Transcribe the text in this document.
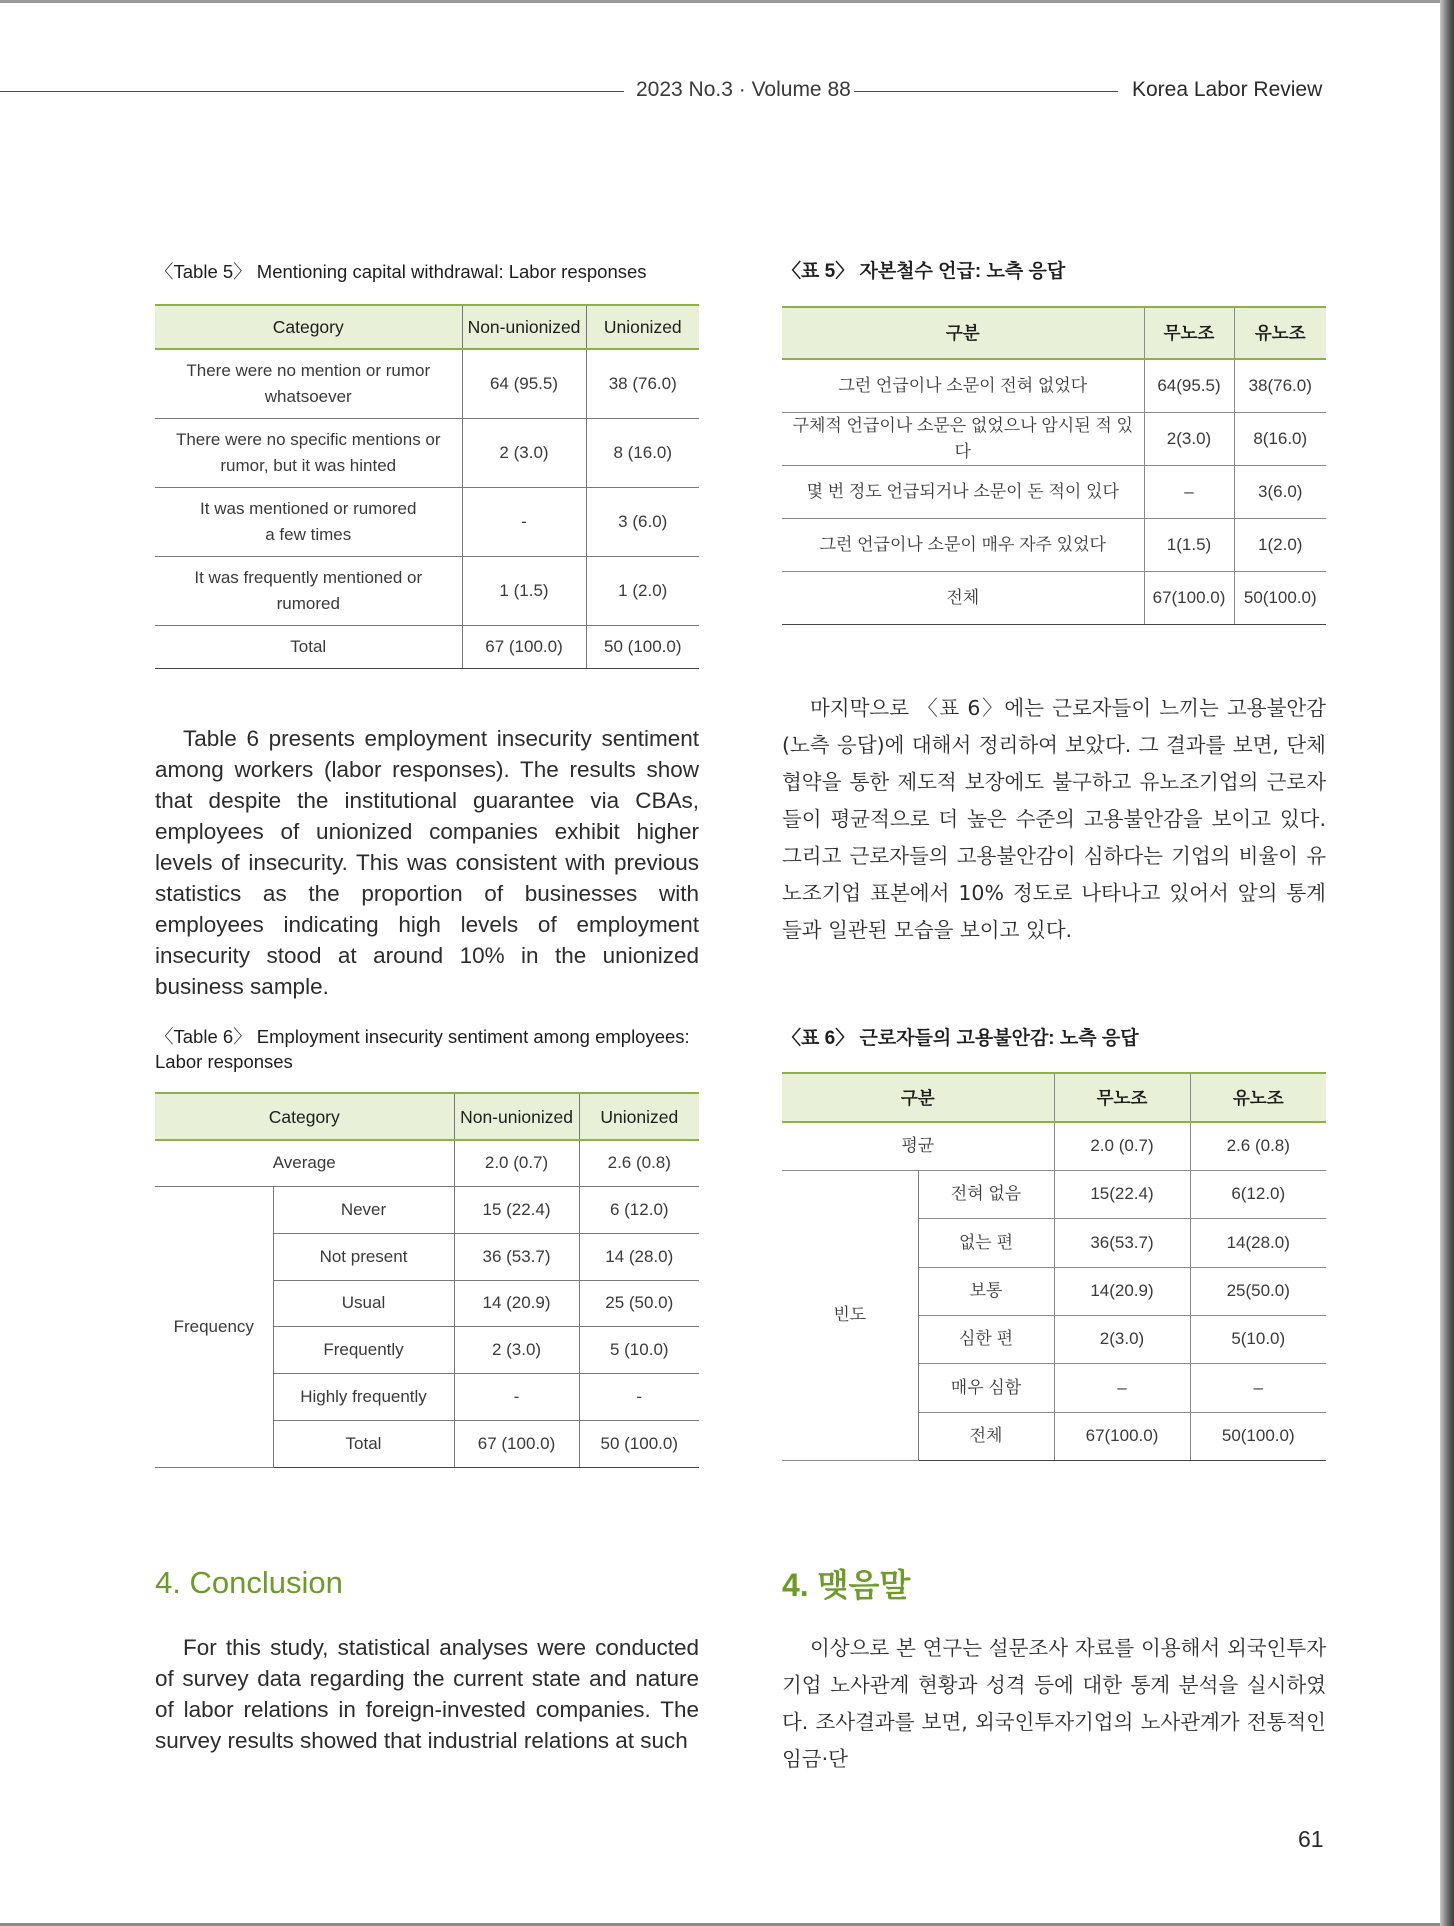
2023 No.3 · Volume 88	Korea Labor Review
〈Table 5〉 Mentioning capital withdrawal: Labor responses
Category	Non-unionized	Unionized
There were no mention or rumor
whatsoever	64 (95.5)	38 (76.0)
There were no specific mentions or
rumor, but it was hinted	2 (3.0)	8 (16.0)
It was mentioned or rumored
a few times	-	3 (6.0)
It was frequently mentioned or
rumored	1 (1.5)	1 (2.0)
Total	67 (100.0)	50 (100.0)
〈표 5〉 자본철수 언급: 노측 응답
구분	무노조	유노조
그런 언급이나 소문이 전혀 없었다	64(95.5)	38(76.0)
구체적 언급이나 소문은 없었으나 암시된 적 있다	2(3.0)	8(16.0)
몇 번 정도 언급되거나 소문이 돈 적이 있다	–	3(6.0)
그런 언급이나 소문이 매우 자주 있었다	1(1.5)	1(2.0)
전체	67(100.0)	50(100.0)
Table 6 presents employment insecurity sentiment among workers (labor responses). The results show that despite the institutional guarantee via CBAs, employees of unionized companies exhibit higher levels of insecurity. This was consistent with previous statistics as the proportion of businesses with employees indicating high levels of employment insecurity stood at around 10% in the unionized business sample.
마지막으로 〈표 6〉에는 근로자들이 느끼는 고용불안감(노측 응답)에 대해서 정리하여 보았다. 그 결과를 보면, 단체협약을 통한 제도적 보장에도 불구하고 유노조기업의 근로자들이 평균적으로 더 높은 수준의 고용불안감을 보이고 있다. 그리고 근로자들의 고용불안감이 심하다는 기업의 비율이 유노조기업 표본에서 10% 정도로 나타나고 있어서 앞의 통계들과 일관된 모습을 보이고 있다.
〈Table 6〉 Employment insecurity sentiment among employees:
Labor responses
Category		Non-unionized	Unionized
Average		2.0 (0.7)	2.6 (0.8)
Frequency	Never	15 (22.4)	6 (12.0)
	Not present	36 (53.7)	14 (28.0)
	Usual	14 (20.9)	25 (50.0)
	Frequently	2 (3.0)	5 (10.0)
	Highly frequently	-	-
	Total	67 (100.0)	50 (100.0)
〈표 6〉 근로자들의 고용불안감: 노측 응답
구분		무노조	유노조
평균		2.0 (0.7)	2.6 (0.8)
빈도	전혀 없음	15(22.4)	6(12.0)
	없는 편	36(53.7)	14(28.0)
	보통	14(20.9)	25(50.0)
	심한 편	2(3.0)	5(10.0)
	매우 심함	–	–
	전체	67(100.0)	50(100.0)
4. Conclusion
For this study, statistical analyses were conducted of survey data regarding the current state and nature of labor relations in foreign-invested companies. The survey results showed that industrial relations at such
4. 맺음말
이상으로 본 연구는 설문조사 자료를 이용해서 외국인투자기업 노사관계 현황과 성격 등에 대한 통계 분석을 실시하였다. 조사결과를 보면, 외국인투자기업의 노사관계가 전통적인 임금·단
61
